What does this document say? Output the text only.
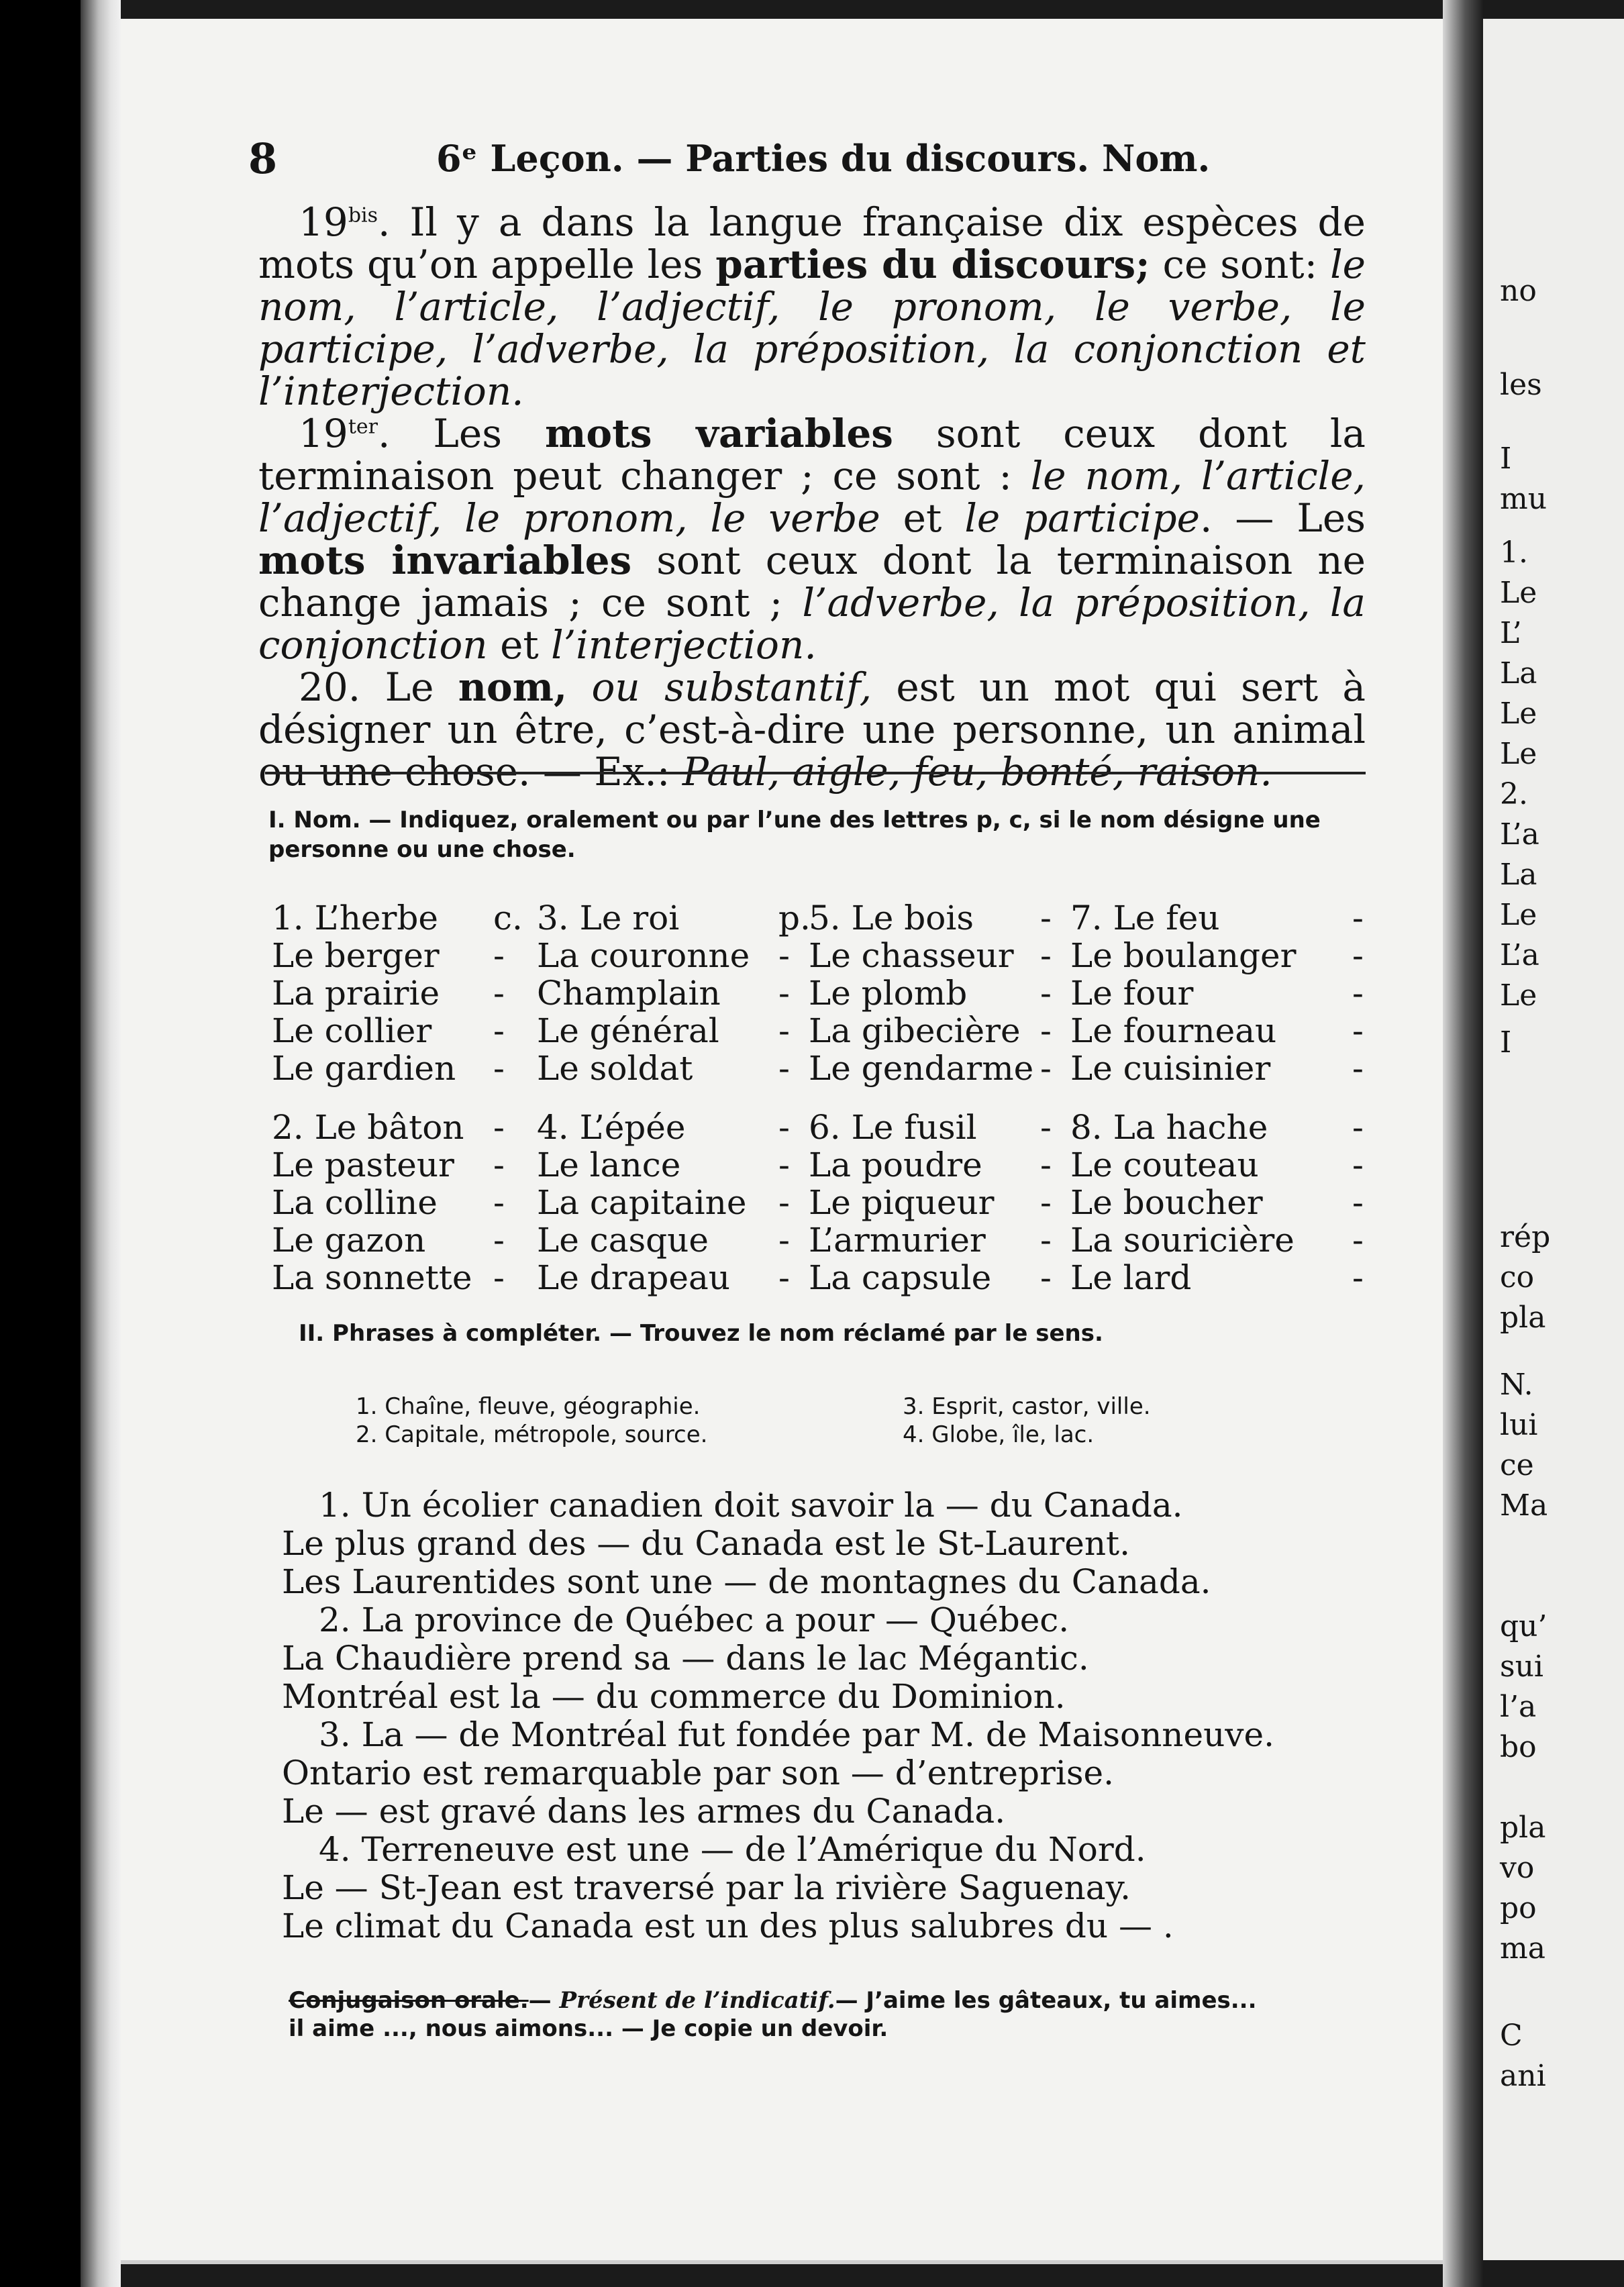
no
les
I
mu
1.
Le
L’
La
Le
Le
2.
L’a
La
Le
L’a
Le
I
rép
co
pla
N.
lui
ce
Ma
qu’
sui
l’a
bo
pla
vo
po
ma
C
ani
8	6ᵉ Leçon. — Parties du discours. Nom.

$19^{bis}$. Il y a dans la langue française dix espèces de mots qu’on appelle les parties du discours; ce sont: le nom, l’article, l’adjectif, le pronom, le verbe, le participe, l’adverbe, la préposition, la conjonction et l’interjection.

$19^{ter}$. Les mots variables sont ceux dont la terminaison peut changer ; ce sont : le nom, l’article, l’adjectif, le pronom, le verbe et le participe. — Les mots invariables sont ceux dont la terminaison ne change jamais ; ce sont ; l’adverbe, la préposition, la conjonction et l’interjection.

20. Le nom, ou substantif, est un mot qui sert à désigner un être, c’est-à-dire une personne, un animal ou une chose. — Ex.: Paul, aigle, feu, bonté, raison.

I. Nom. — Indiquez, oralement ou par l’une des lettres p, c, si le nom désigne une personne ou une chose.
1. L’herbe
Le berger
La prairie
Le collier
Le gardien
c.
-
-
-
-
3. Le roi
La couronne
Champlain
Le général
Le soldat
p.
-
-
-
-
5. Le bois
Le chasseur
Le plomb
La gibecière
Le gendarme
-
-
-
-
-
7. Le feu
Le boulanger
Le four
Le fourneau
Le cuisinier
-
-
-
-
-
2. Le bâton
Le pasteur
La colline
Le gazon
La sonnette
-
-
-
-
-
4. L’épée
Le lance
La capitaine
Le casque
Le drapeau
-
-
-
-
-
6. Le fusil
La poudre
Le piqueur
L’armurier
La capsule
-
-
-
-
-
8. La hache
Le couteau
Le boucher
La souricière
Le lard
-
-
-
-
-
II. Phrases à compléter. — Trouvez le nom réclamé par le sens.
1. Chaîne, fleuve, géographie.
2. Capitale, métropole, source.
3. Esprit, castor, ville.
4. Globe, île, lac.
1. Un écolier canadien doit savoir la — du Canada.
Le plus grand des — du Canada est le St-Laurent.
Les Laurentides sont une — de montagnes du Canada.
2. La province de Québec a pour — Québec.
La Chaudière prend sa — dans le lac Mégantic.
Montréal est la — du commerce du Dominion.
3. La — de Montréal fut fondée par M. de Maisonneuve.
Ontario est remarquable par son — d’entreprise.
Le — est gravé dans les armes du Canada.
4. Terreneuve est une — de l’Amérique du Nord.
Le — St-Jean est traversé par la rivière Saguenay.
Le climat du Canada est un des plus salubres du — .
Conjugaison orale.— Présent de l’indicatif.— J’aime les gâteaux, tu aimes...
il aime ..., nous aimons... — Je copie un devoir.
